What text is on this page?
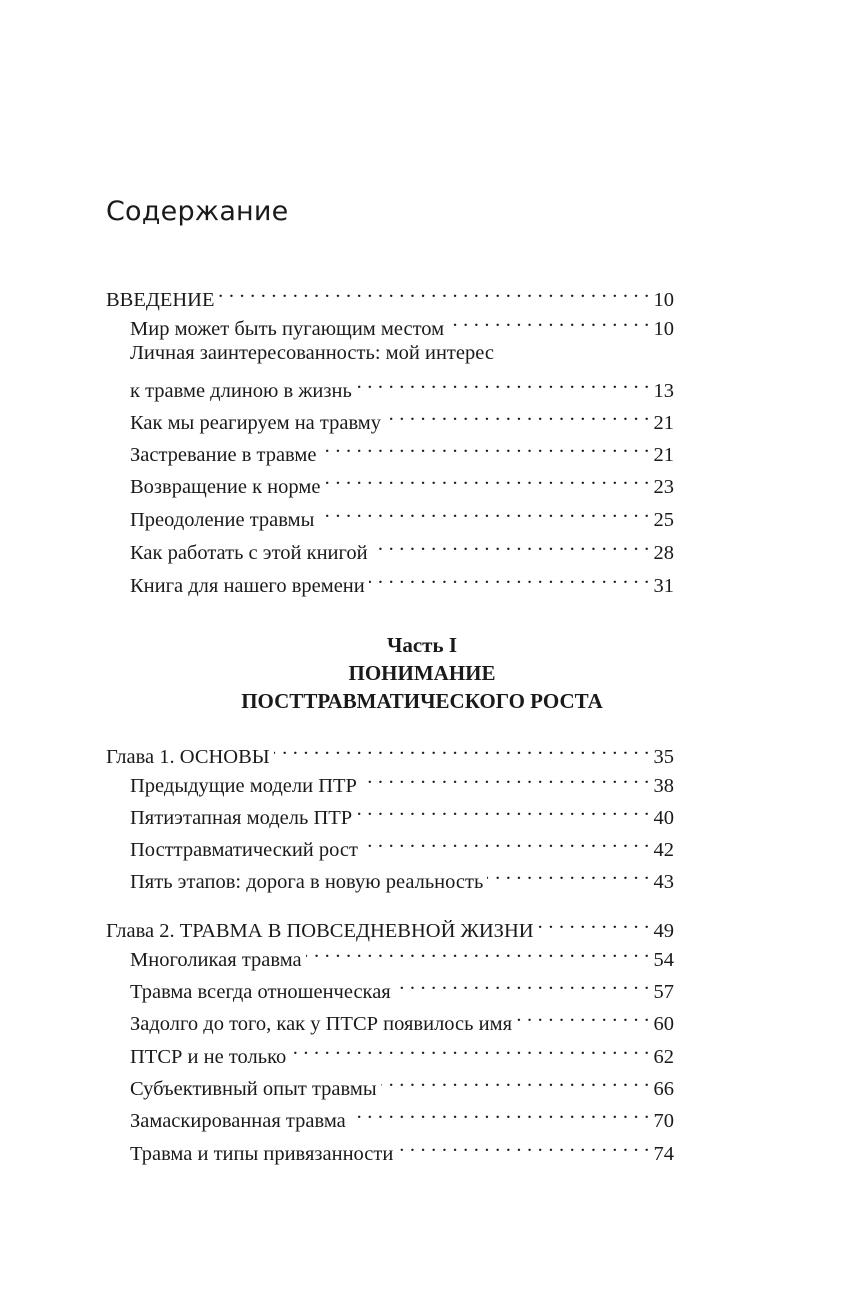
Содержание
ВВЕДЕНИЕ . . .	10
Мир может быть пугающим местом . . .	10
Личная заинтересованность: мой интерес
к травме длиною в жизнь . . .	13
Как мы реагируем на травму . . .	21
Застревание в травме . . .	21
Возвращение к норме . . .	23
Преодоление травмы . . .	25
Как работать с этой книгой . . .	28
Книга для нашего времени . . .	31
Часть I
ПОНИМАНИЕ
ПОСТТРАВМАТИЧЕСКОГО РОСТА
Глава 1. ОСНОВЫ . . .	35
Предыдущие модели ПТР . . .	38
Пятиэтапная модель ПТР . . .	40
Посттравматический рост . . .	42
Пять этапов: дорога в новую реальность . . .	43
Глава 2. ТРАВМА В ПОВСЕДНЕВНОЙ ЖИЗНИ . . .	49
Многоликая травма . . .	54
Травма всегда отношенческая . . .	57
Задолго до того, как у ПТСР появилось имя . . .	60
ПТСР и не только . . .	62
Субъективный опыт травмы . . .	66
Замаскированная травма . . .	70
Травма и типы привязанности . . .	74
